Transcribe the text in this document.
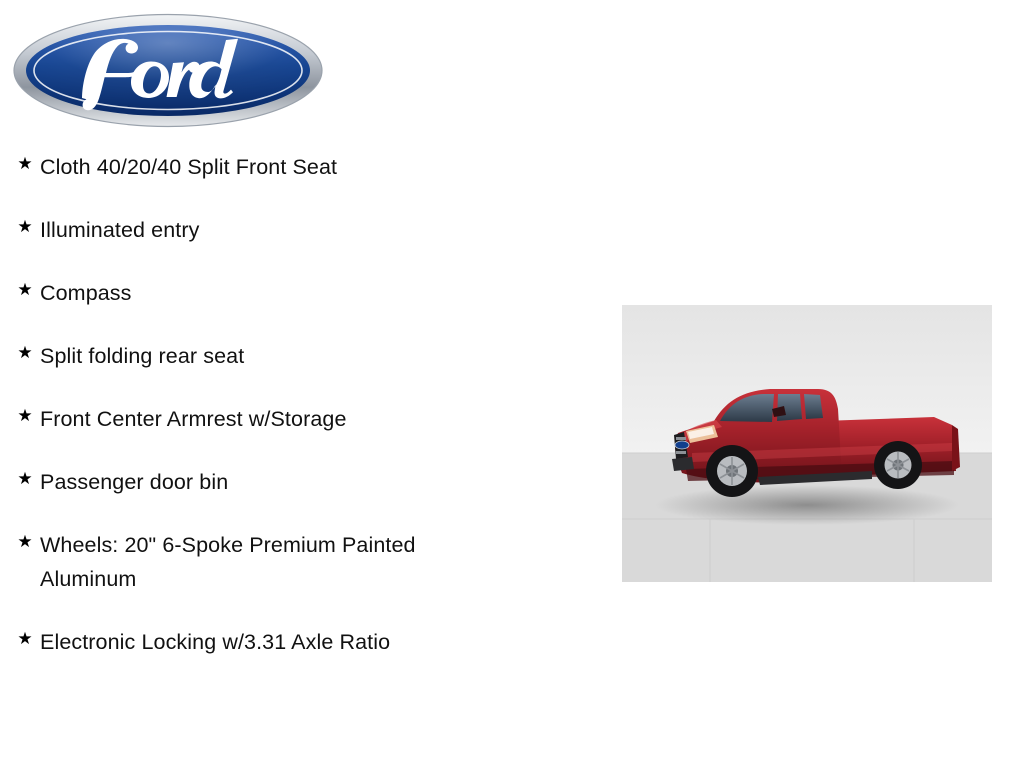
★ Cloth 40/20/40 Split Front Seat
★ Illuminated entry
★ Compass
★ Split folding rear seat
★ Front Center Armrest w/Storage
★ Passenger door bin
★ Wheels: 20" 6-Spoke Premium Painted Aluminum
★ Electronic Locking w/3.31 Axle Ratio
